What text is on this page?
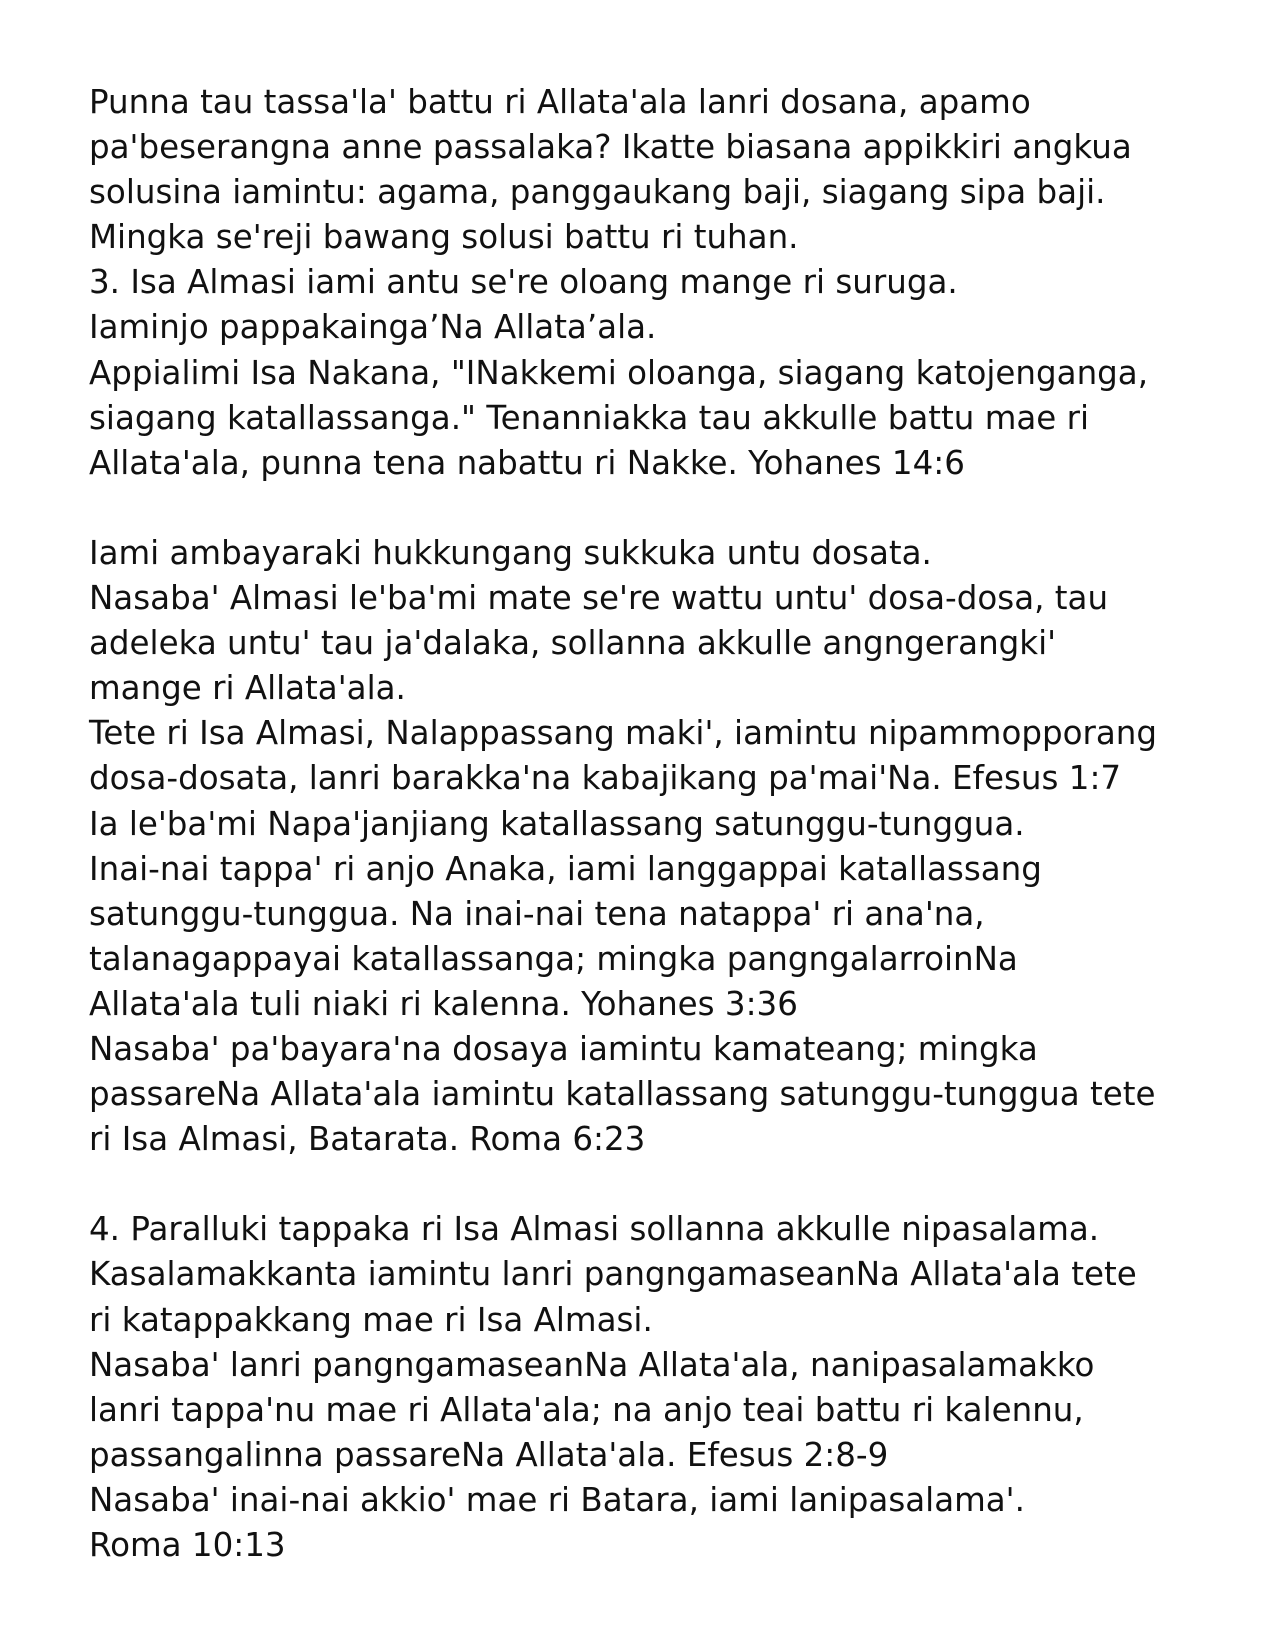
Punna tau tassa'la' battu ri Allata'ala lanri dosana, apamo
pa'beserangna anne passalaka? Ikatte biasana appikkiri angkua
solusina iamintu: agama, panggaukang baji, siagang sipa baji.
Mingka se'reji bawang solusi battu ri tuhan.
3. Isa Almasi iami antu se're oloang mange ri suruga.
Iaminjo pappakainga’Na Allata’ala.
Appialimi Isa Nakana, "INakkemi oloanga, siagang katojenganga,
siagang katallassanga." Tenanniakka tau akkulle battu mae ri
Allata'ala, punna tena nabattu ri Nakke. Yohanes 14:6
Iami ambayaraki hukkungang sukkuka untu dosata.
Nasaba' Almasi le'ba'mi mate se're wattu untu' dosa-dosa, tau
adeleka untu' tau ja'dalaka, sollanna akkulle angngerangki'
mange ri Allata'ala.
Tete ri Isa Almasi, Nalappassang maki', iamintu nipammopporang
dosa-dosata, lanri barakka'na kabajikang pa'mai'Na. Efesus 1:7
Ia le'ba'mi Napa'janjiang katallassang satunggu-tunggua.
Inai-nai tappa' ri anjo Anaka, iami langgappai katallassang
satunggu-tunggua. Na inai-nai tena natappa' ri ana'na,
talanagappayai katallassanga; mingka pangngalarroinNa
Allata'ala tuli niaki ri kalenna. Yohanes 3:36
Nasaba' pa'bayara'na dosaya iamintu kamateang; mingka
passareNa Allata'ala iamintu katallassang satunggu-tunggua tete
ri Isa Almasi, Batarata. Roma 6:23
4. Paralluki tappaka ri Isa Almasi sollanna akkulle nipasalama.
Kasalamakkanta iamintu lanri pangngamaseanNa Allata'ala tete
ri katappakkang mae ri Isa Almasi.
Nasaba' lanri pangngamaseanNa Allata'ala, nanipasalamakko
lanri tappa'nu mae ri Allata'ala; na anjo teai battu ri kalennu,
passangalinna passareNa Allata'ala. Efesus 2:8-9
Nasaba' inai-nai akkio' mae ri Batara, iami lanipasalama'.
Roma 10:13
